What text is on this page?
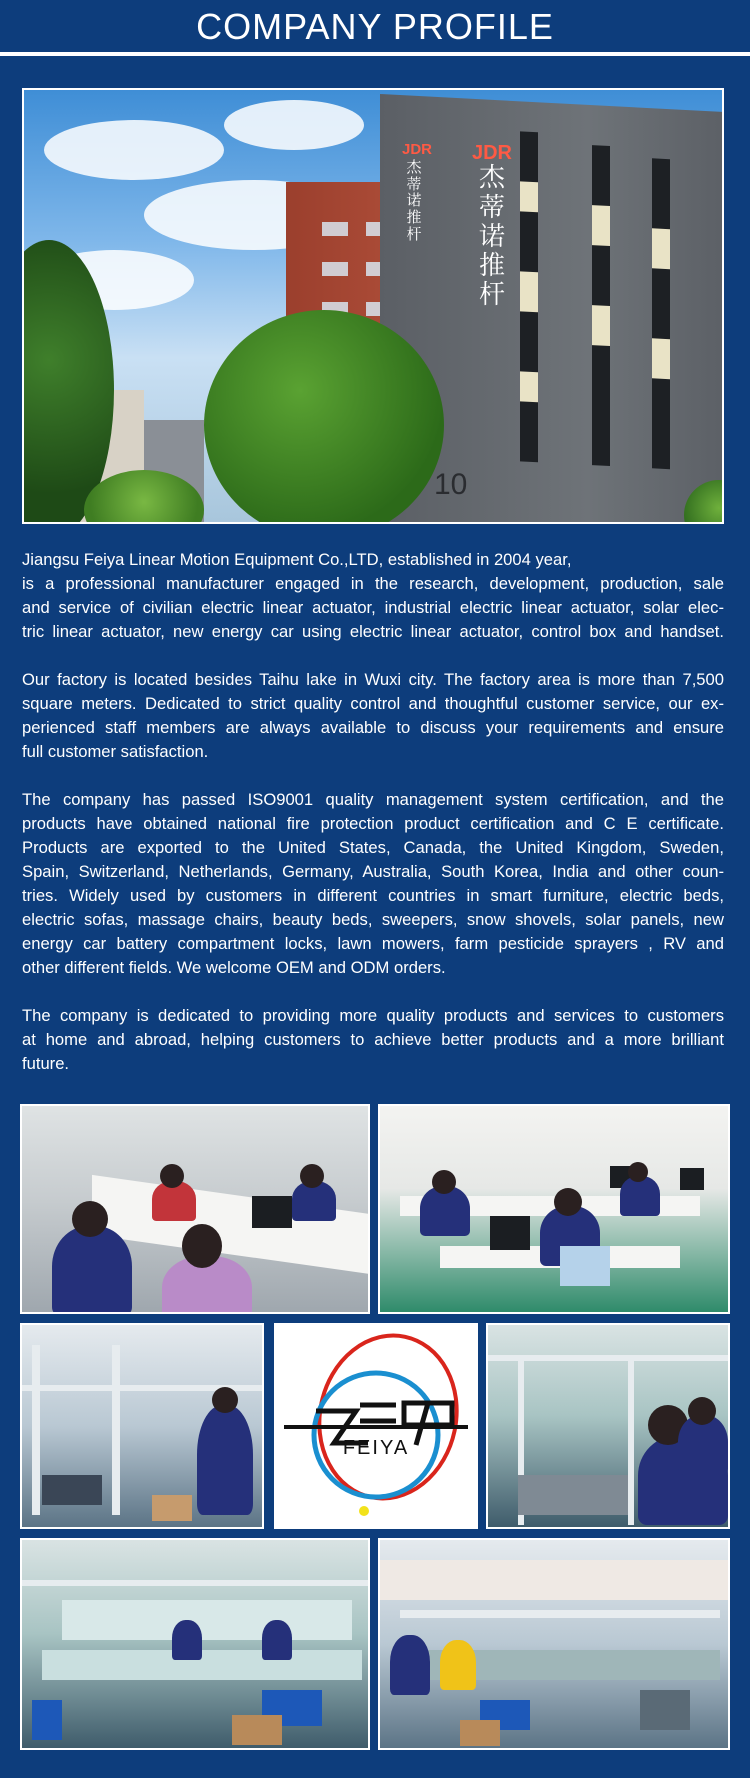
COMPANY PROFILE
JDR
杰
蒂
诺
推
杆
JDR
杰
蒂
诺
推
杆
10

Jiangsu Feiya Linear Motion Equipment Co.,LTD, established in 2004 year,
is a professional manufacturer engaged in the research, development, production, sale
and service of civilian electric linear actuator, industrial electric linear actuator, solar elec-
tric linear actuator, new energy car using electric linear actuator, control box and handset.

Our factory is located besides Taihu lake in Wuxi city. The factory area is more than 7,500
square meters. Dedicated to strict quality control and thoughtful customer service, our ex-
perienced staff members are always available to discuss your requirements and ensure
full customer satisfaction.

The company has passed ISO9001 quality management system certification, and the
products have obtained national fire protection product certification and C E certificate.
Products are exported to the United States, Canada, the United Kingdom, Sweden,
Spain, Switzerland, Netherlands, Germany, Australia, South Korea, India and other coun-
tries. Widely used by customers in different countries in smart furniture, electric beds,
electric sofas, massage chairs, beauty beds, sweepers, snow shovels, solar panels, new
energy car battery compartment locks, lawn mowers, farm pesticide sprayers , RV and
other different fields. We welcome OEM and ODM orders.

The company is dedicated to providing more quality products and services to customers
at home and abroad, helping customers to achieve better products and a more brilliant
future.

FEIYA
